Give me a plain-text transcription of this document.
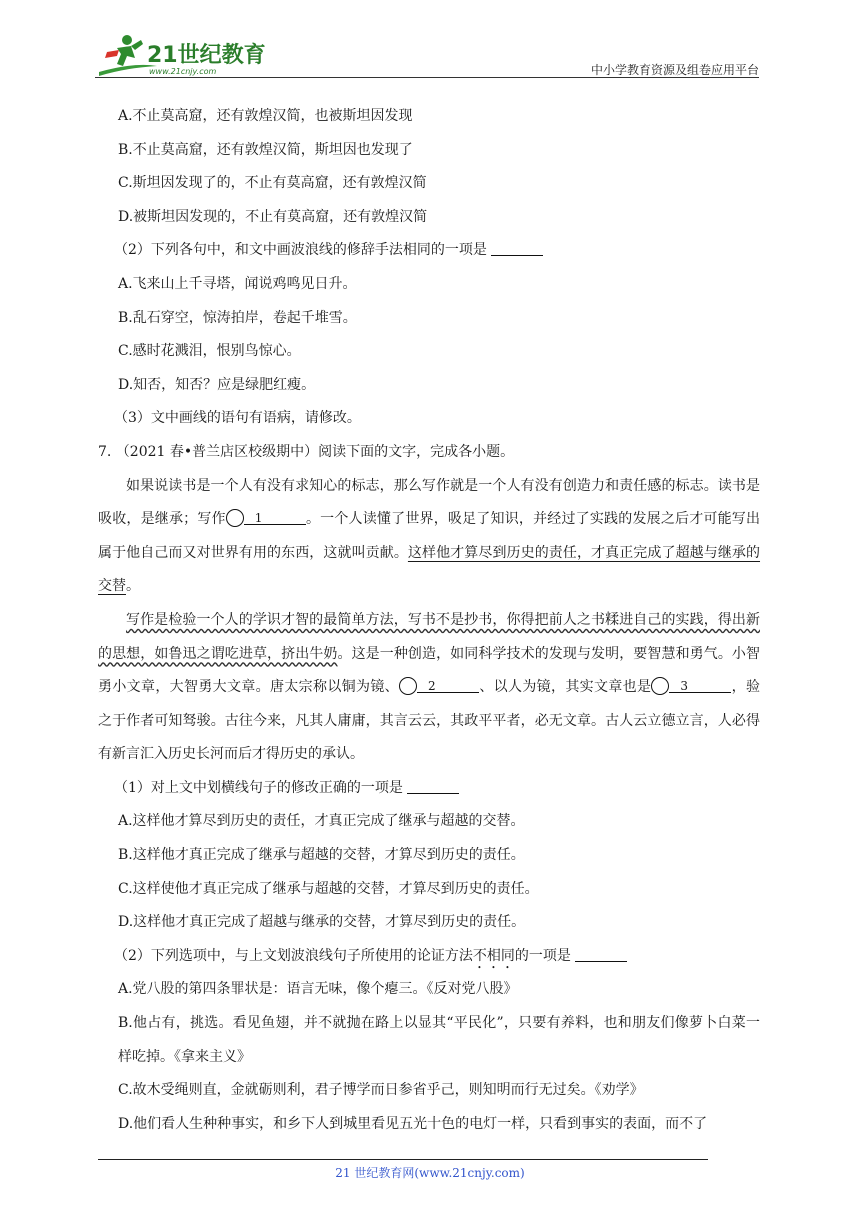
21世纪教育
www.21cnjy.com	中小学教育资源及组卷应用平台

A.不止莫高窟，还有敦煌汉简，也被斯坦因发现

B.不止莫高窟，还有敦煌汉简，斯坦因也发现了

C.斯坦因发现了的，不止有莫高窟，还有敦煌汉简

D.被斯坦因发现的，不止有莫高窟，还有敦煌汉简

（2）下列各句中，和文中画波浪线的修辞手法相同的一项是

A.飞来山上千寻塔，闻说鸡鸣见日升。

B.乱石穿空，惊涛拍岸，卷起千堆雪。

C.感时花溅泪，恨别鸟惊心。

D.知否，知否？应是绿肥红瘦。

（3）文中画线的语句有语病，请修改。

7. （2021 春•普兰店区校级期中）阅读下面的文字，完成各小题。

如果说读书是一个人有没有求知心的标志，那么写作就是一个人有没有创造力和责任感的标志。读书是吸收，是继承；写作 1	。一个人读懂了世界，吸足了知识，并经过了实践的发展之后才可能写出属于他自己而又对世界有用的东西，这就叫贡献。这样他才算尽到历史的责任，才真正完成了超越与继承的交替。

写作是检验一个人的学识才智的最简单方法，写书不是抄书，你得把前人之书糅进自己的实践，得出新的思想，如鲁迅之谓吃进草，挤出牛奶。这是一种创造，如同科学技术的发现与发明，要智慧和勇气。小智勇小文章，大智勇大文章。唐太宗称以铜为镜、 2	、以人为镜，其实文章也是 3	，验之于作者可知驽骏。古往今来，凡其人庸庸，其言云云，其政平平者，必无文章。古人云立德立言，人必得有新言汇入历史长河而后才得历史的承认。

（1）对上文中划横线句子的修改正确的一项是

A.这样他才算尽到历史的责任，才真正完成了继承与超越的交替。

B.这样他才真正完成了继承与超越的交替，才算尽到历史的责任。

C.这样使他才真正完成了继承与超越的交替，才算尽到历史的责任。

D.这样他才真正完成了超越与继承的交替，才算尽到历史的责任。

（2）下列选项中，与上文划波浪线句子所使用的论证方法不相同的一项是

A.党八股的第四条罪状是：语言无味，像个瘪三。《反对党八股》

B.他占有，挑选。看见鱼翅，并不就抛在路上以显其“平民化”，只要有养料，也和朋友们像萝卜白菜一样吃掉。《拿来主义》

C.故木受绳则直，金就砺则利，君子博学而日参省乎己，则知明而行无过矣。《劝学》

D.他们看人生种种事实，和乡下人到城里看见五光十色的电灯一样，只看到事实的表面，而不了

21 世纪教育网(www.21cnjy.com)
